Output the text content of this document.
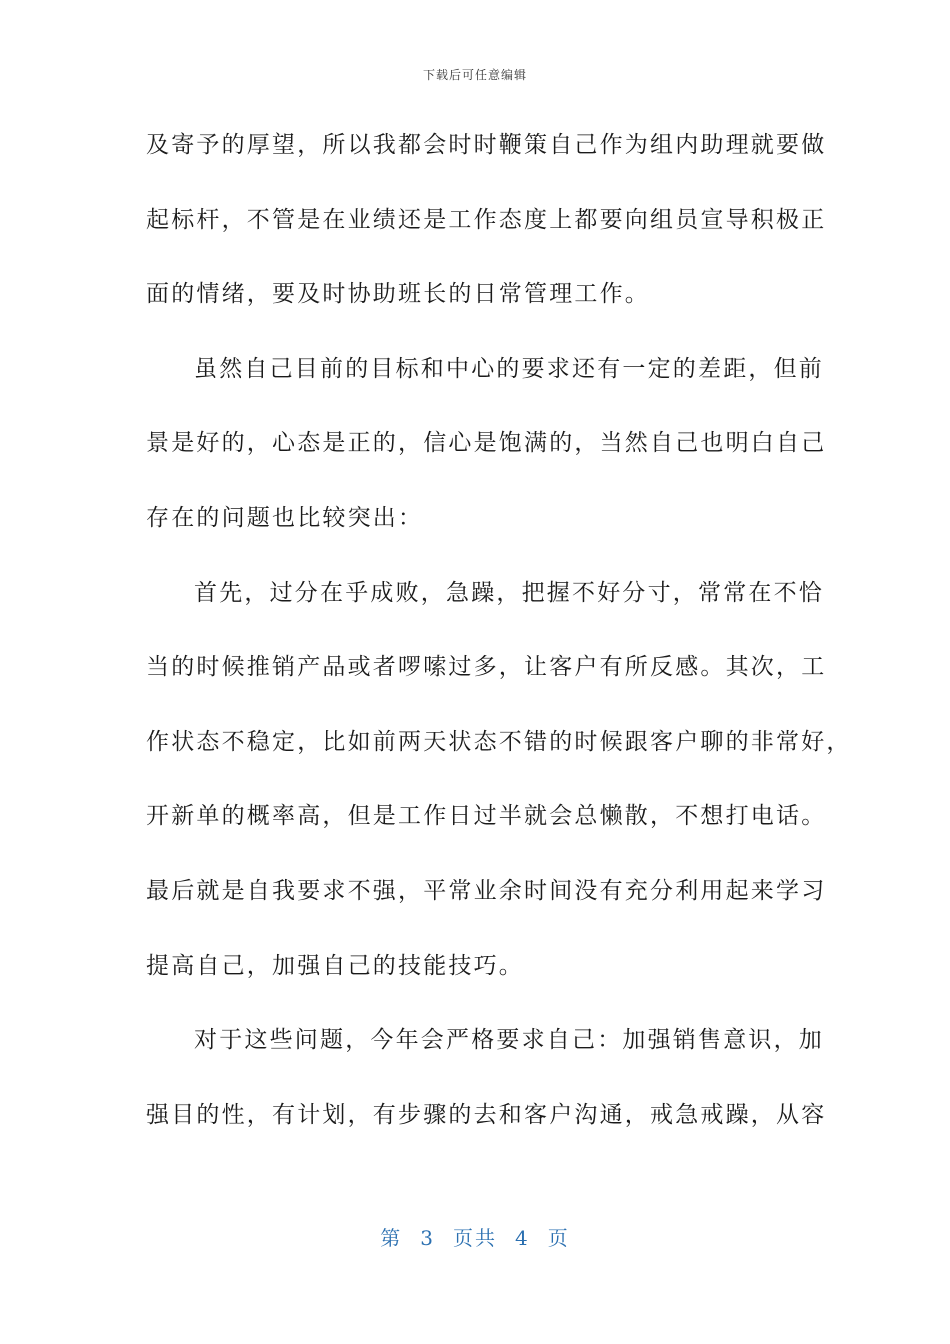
下载后可任意编辑
及寄予的厚望，所以我都会时时鞭策自己作为组内助理就要做
起标杆，不管是在业绩还是工作态度上都要向组员宣导积极正
面的情绪，要及时协助班长的日常管理工作。
虽然自己目前的目标和中心的要求还有一定的差距，但前
景是好的，心态是正的，信心是饱满的，当然自己也明白自己
存在的问题也比较突出：
首先，过分在乎成败，急躁，把握不好分寸，常常在不恰
当的时候推销产品或者啰嗦过多，让客户有所反感。其次，工
作状态不稳定，比如前两天状态不错的时候跟客户聊的非常好，
开新单的概率高，但是工作日过半就会总懒散，不想打电话。
最后就是自我要求不强，平常业余时间没有充分利用起来学习
提高自己，加强自己的技能技巧。
对于这些问题，今年会严格要求自己：加强销售意识，加
强目的性，有计划，有步骤的去和客户沟通，戒急戒躁，从容
第 3 页共 4 页
